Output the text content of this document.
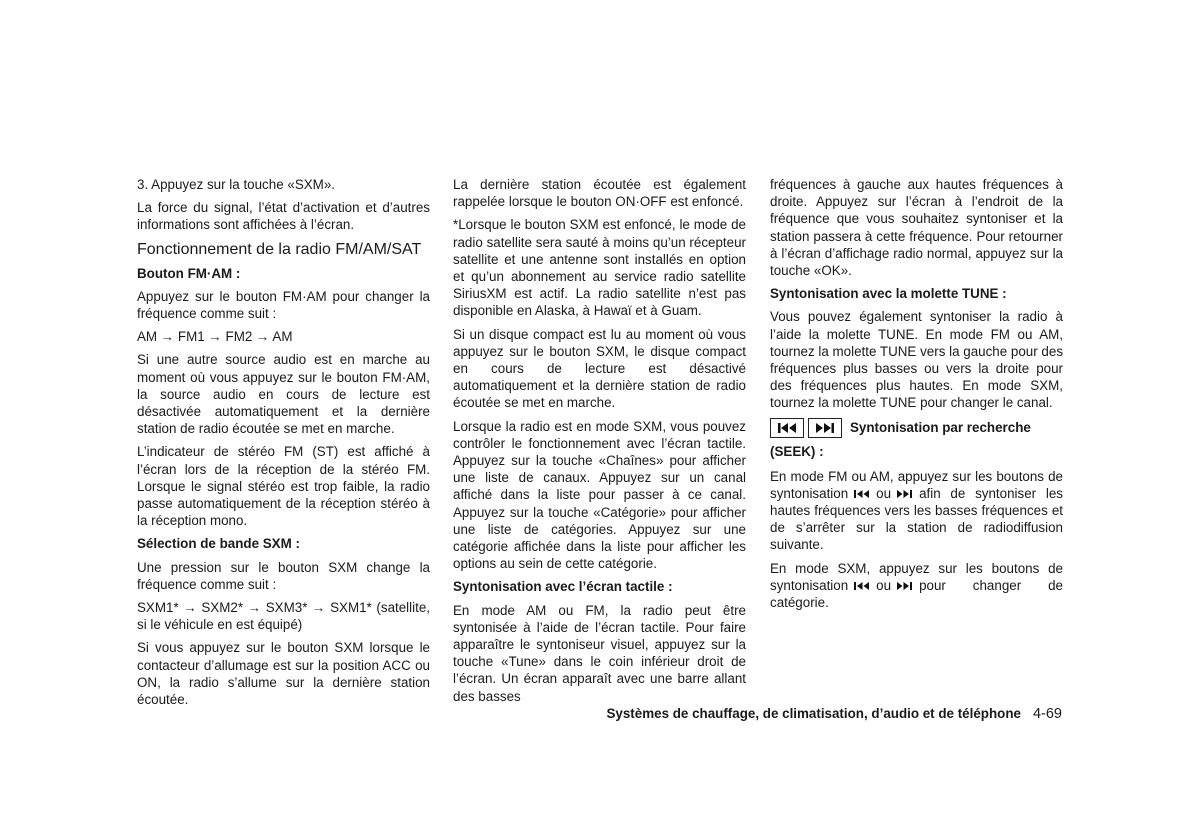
3. Appuyez sur la touche «SXM».
La force du signal, l’état d’activation et d’autres informations sont affichées à l’écran.
Fonctionnement de la radio FM/AM/SAT
Bouton FM·AM :
Appuyez sur le bouton FM·AM pour changer la fréquence comme suit :
AM → FM1 → FM2 → AM
Si une autre source audio est en marche au moment où vous appuyez sur le bouton FM·AM, la source audio en cours de lecture est désactivée automatiquement et la dernière station de radio écoutée se met en marche.
L’indicateur de stéréo FM (ST) est affiché à l’écran lors de la réception de la stéréo FM. Lorsque le signal stéréo est trop faible, la radio passe automatiquement de la réception stéréo à la réception mono.
Sélection de bande SXM :
Une pression sur le bouton SXM change la fréquence comme suit :
SXM1* → SXM2* → SXM3* → SXM1* (satellite, si le véhicule en est équipé)
Si vous appuyez sur le bouton SXM lorsque le contacteur d’allumage est sur la position ACC ou ON, la radio s’allume sur la dernière station écoutée.
La dernière station écoutée est également rappelée lorsque le bouton ON·OFF est enfoncé.
*Lorsque le bouton SXM est enfoncé, le mode de radio satellite sera sauté à moins qu’un récepteur satellite et une antenne sont installés en option et qu’un abonnement au service radio satellite SiriusXM est actif. La radio satellite n’est pas disponible en Alaska, à Hawaï et à Guam.
Si un disque compact est lu au moment où vous appuyez sur le bouton SXM, le disque compact en cours de lecture est désactivé automatiquement et la dernière station de radio écoutée se met en marche.
Lorsque la radio est en mode SXM, vous pouvez contrôler le fonctionnement avec l’écran tactile. Appuyez sur la touche «Chaînes» pour afficher une liste de canaux. Appuyez sur un canal affiché dans la liste pour passer à ce canal. Appuyez sur la touche «Catégorie» pour afficher une liste de catégories. Appuyez sur une catégorie affichée dans la liste pour afficher les options au sein de cette catégorie.
Syntonisation avec l’écran tactile :
En mode AM ou FM, la radio peut être syntonisée à l’aide de l’écran tactile. Pour faire apparaître le syntoniseur visuel, appuyez sur la touche «Tune» dans le coin inférieur droit de l’écran. Un écran apparaît avec une barre allant des basses
fréquences à gauche aux hautes fréquences à droite. Appuyez sur l’écran à l’endroit de la fréquence que vous souhaitez syntoniser et la station passera à cette fréquence. Pour retourner à l’écran d’affichage radio normal, appuyez sur la touche «OK».
Syntonisation avec la molette TUNE :
Vous pouvez également syntoniser la radio à l’aide la molette TUNE. En mode FM ou AM, tournez la molette TUNE vers la gauche pour des fréquences plus basses ou vers la droite pour des fréquences plus hautes. En mode SXM, tournez la molette TUNE pour changer le canal.
Syntonisation par recherche
(SEEK) :
En mode FM ou AM, appuyez sur les boutons de syntonisation ou afin de syntoniser les hautes fréquences vers les basses fréquences et de s’arrêter sur la station de radiodiffusion suivante.
En mode SXM, appuyez sur les boutons de syntonisation ou pour changer de catégorie.
Systèmes de chauffage, de climatisation, d’audio et de téléphone 4-69
